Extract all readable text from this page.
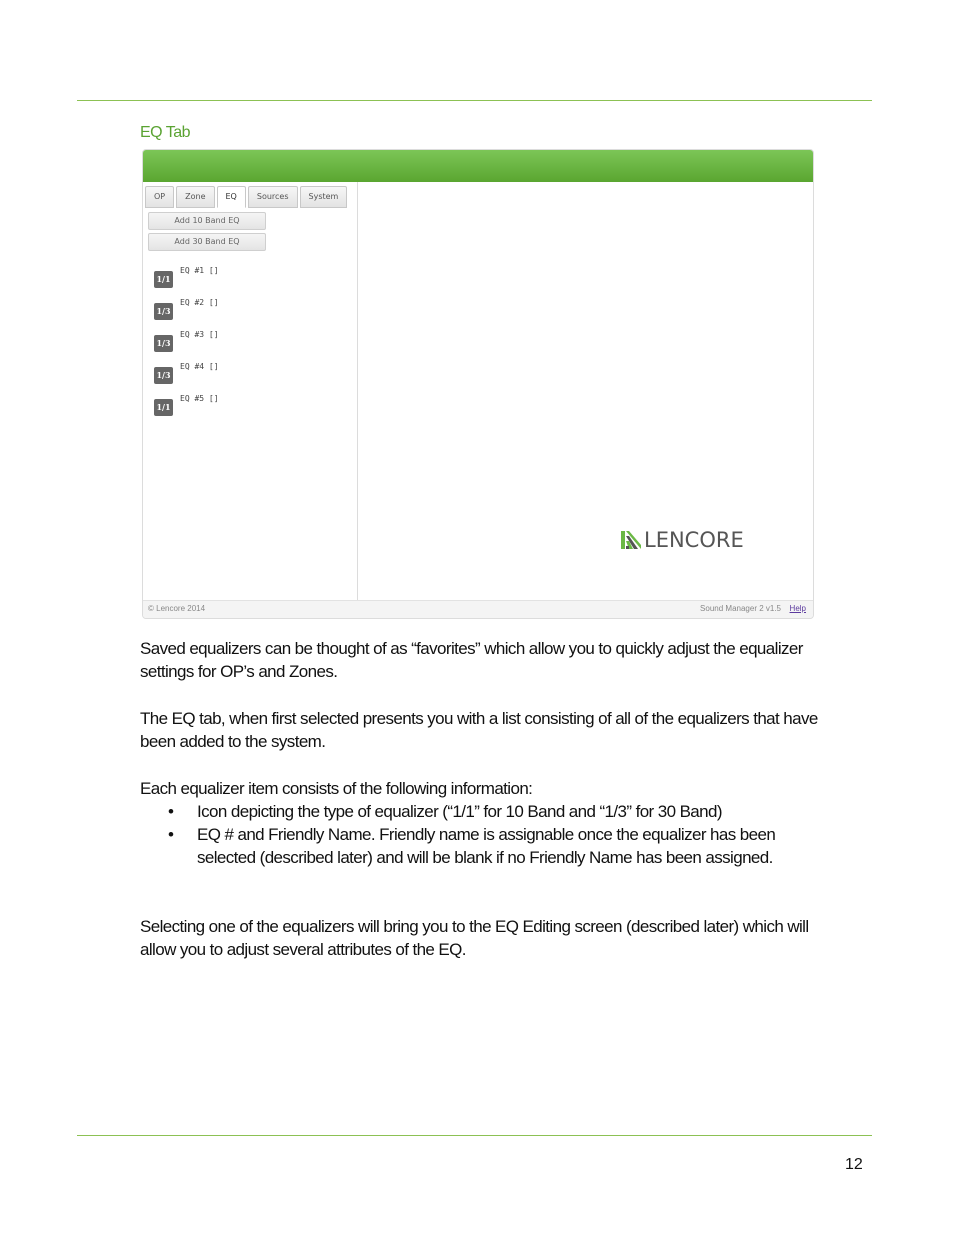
EQ Tab
OP	Zone	EQ	Sources	System
Add 10 Band EQ
Add 30 Band EQ
1/1
EQ #1 []
1/3
EQ #2 []
1/3
EQ #3 []
1/3
EQ #4 []
1/1
EQ #5 []
LENCORE
© Lencore 2014	Sound Manager 2 v1.5 Help

Saved equalizers can be thought of as “favorites” which allow you to quickly adjust the equalizer settings for OP’s and Zones.

The EQ tab, when first selected presents you with a list consisting of all of the equalizers that have been added to the system.

Each equalizer item consists of the following information:

• Icon depicting the type of equalizer (“1/1” for 10 Band and “1/3” for 30 Band)
• EQ # and Friendly Name. Friendly name is assignable once the equalizer has been selected (described later) and will be blank if no Friendly Name has been assigned.

Selecting one of the equalizers will bring you to the EQ Editing screen (described later) which will allow you to adjust several attributes of the EQ.

12
